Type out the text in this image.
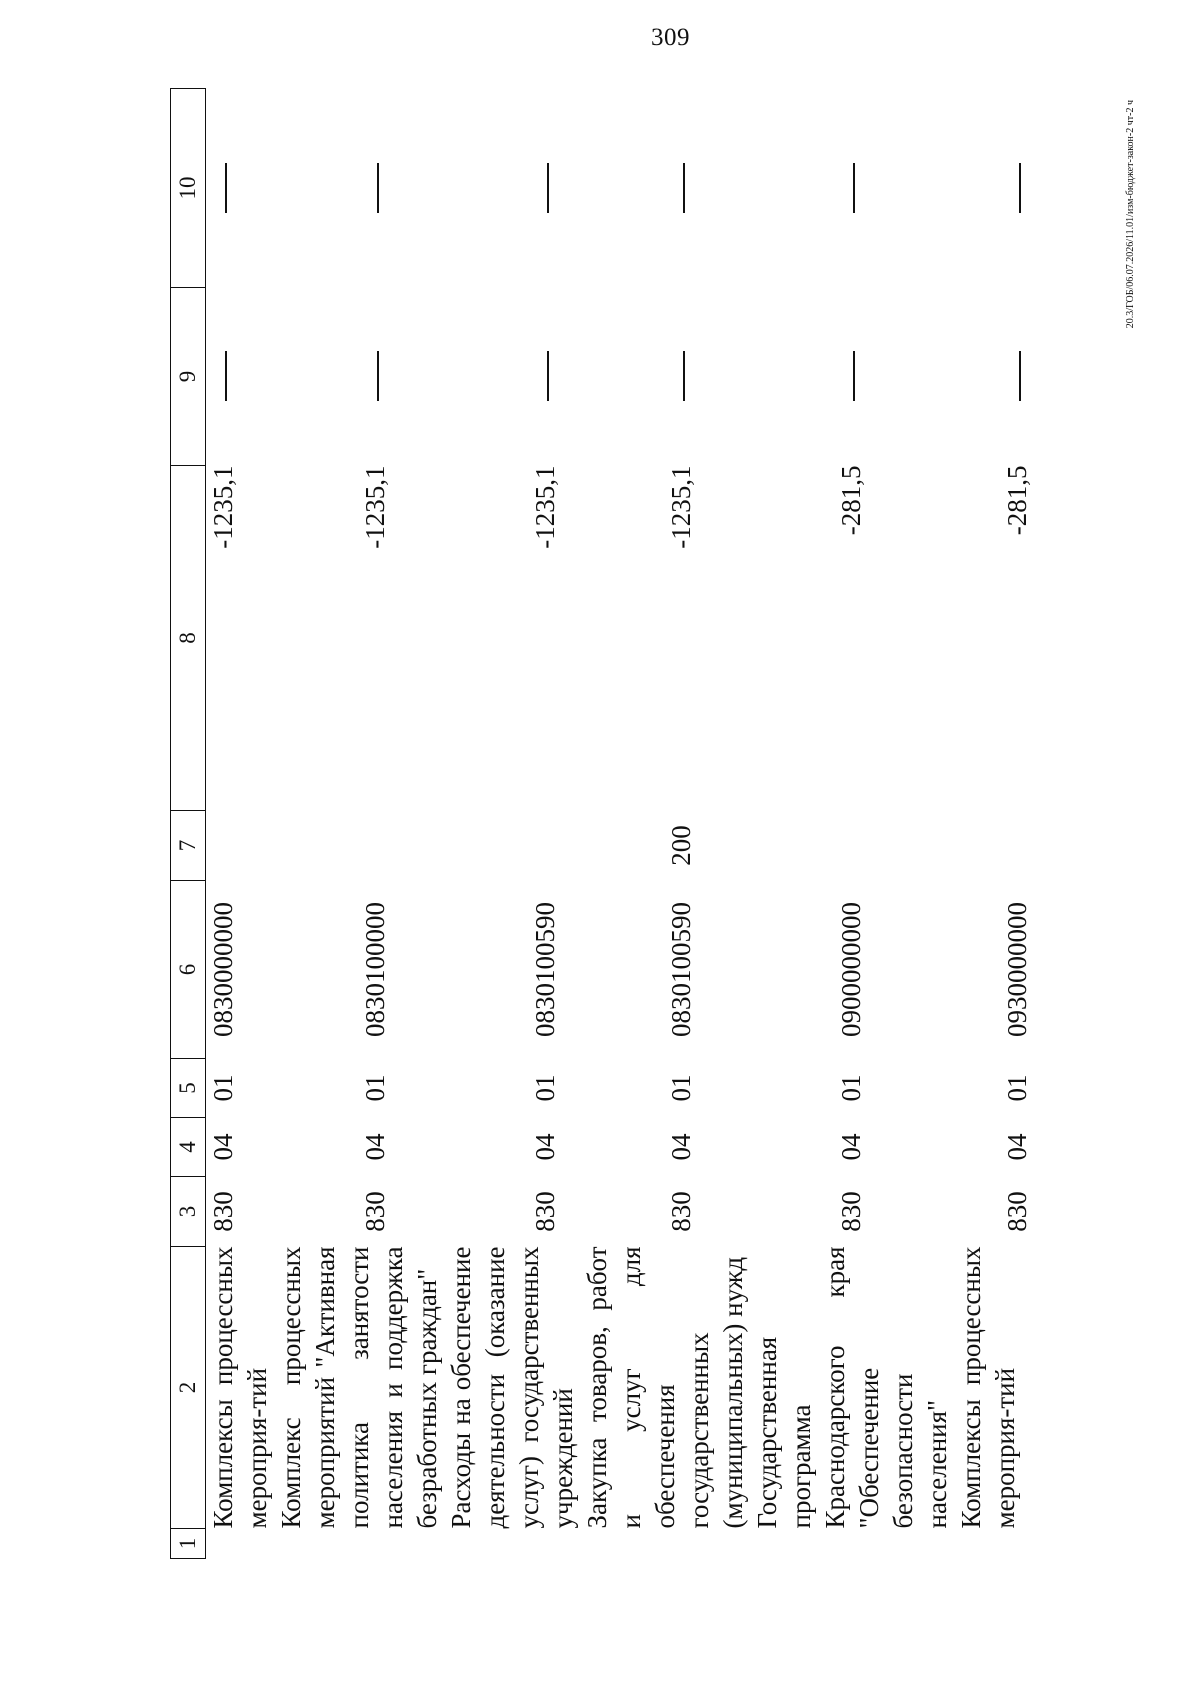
309
20.3/ГОБ/06.07.2026/11.01/изм-бюджет-закон-2 чт-2 ч
1	2	3	4	5	6	7	8	9	10
	Комплексы процессных мероприя-тий	830	04	01	0830000000		-1235,1		
	Комплекс процессных мероприятий "Активная политика занятости населения и поддержка безработных граждан"	830	04	01	0830100000		-1235,1		
	Расходы на обеспечение деятельности (оказание услуг) государственных учреждений	830	04	01	0830100590		-1235,1		
	Закупка товаров, работ и услуг для обеспечения государственных (муниципальных) нужд	830	04	01	0830100590	200	-1235,1		
	Государственная программа Краснодарского края "Обеспечение безопасности населения"	830	04	01	0900000000		-281,5		
	Комплексы процессных мероприя-тий	830	04	01	0930000000		-281,5		
